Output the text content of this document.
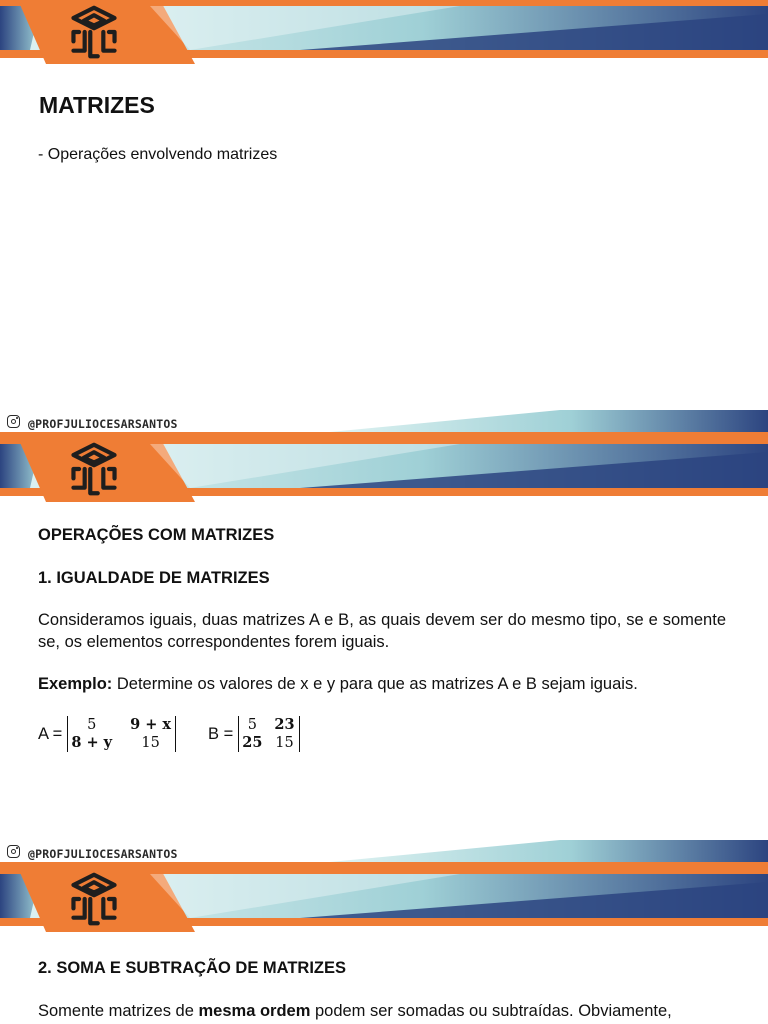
MATRIZES
- Operações envolvendo matrizes
@PROFJULIOCESARSANTOS
OPERAÇÕES COM MATRIZES
1. IGUALDADE DE MATRIZES
Consideramos iguais, duas matrizes A e B, as quais devem ser do mesmo tipo, se e somente se, os elementos correspondentes forem iguais.
Exemplo: Determine os valores de x e y para que as matrizes A e B sejam iguais.
A =	5	9 + x
8 + y	15
B = 5	23
25 15
@PROFJULIOCESARSANTOS
2. SOMA E SUBTRAÇÃO DE MATRIZES
Somente matrizes de mesma ordem podem ser somadas ou subtraídas. Obviamente,
